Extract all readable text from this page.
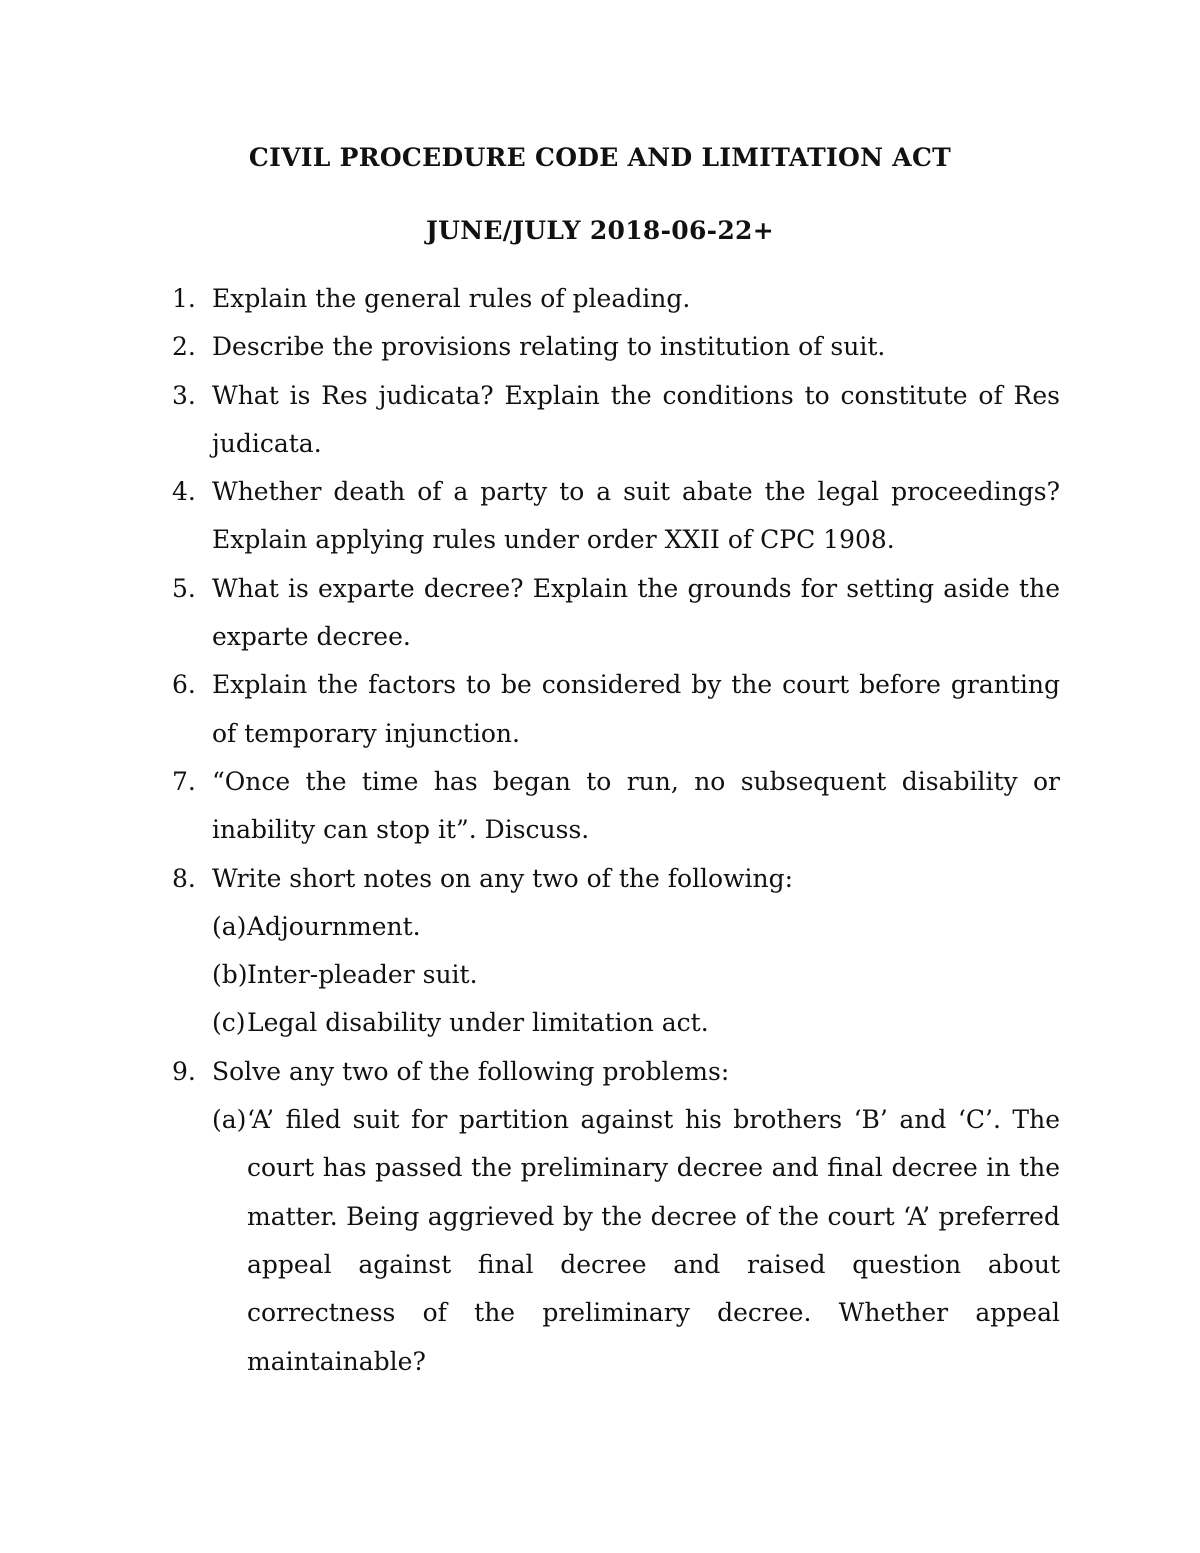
CIVIL PROCEDURE CODE AND LIMITATION ACT
JUNE/JULY 2018-06-22+
1. Explain the general rules of pleading.
2. Describe the provisions relating to institution of suit.
3. What is Res judicata? Explain the conditions to constitute of Res judicata.
4. Whether death of a party to a suit abate the legal proceedings? Explain applying rules under order XXII of CPC 1908.
5. What is exparte decree? Explain the grounds for setting aside the exparte decree.
6. Explain the factors to be considered by the court before granting of temporary injunction.
7. “Once the time has began to run, no subsequent disability or inability can stop it”. Discuss.
8. Write short notes on any two of the following:
(a) Adjournment.
(b) Inter-pleader suit.
(c) Legal disability under limitation act.
9. Solve any two of the following problems:
(a) ‘A’ filed suit for partition against his brothers ‘B’ and ‘C’. The court has passed the preliminary decree and final decree in the matter. Being aggrieved by the decree of the court ‘A’ preferred appeal against final decree and raised question about correctness of the preliminary decree. Whether appeal maintainable?
